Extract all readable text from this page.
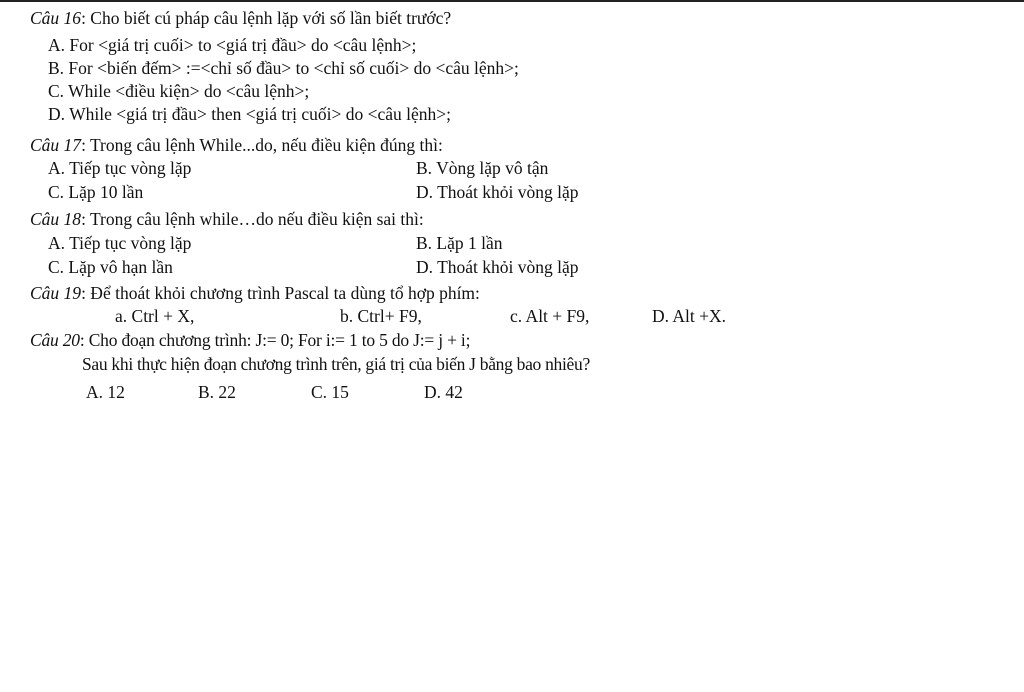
Câu 16: Cho biết cú pháp câu lệnh lặp với số lần biết trước?
A. For <giá trị cuối> to <giá trị đầu> do <câu lệnh>;
B. For <biến đếm> :=<chỉ số đầu> to <chỉ số cuối> do <câu lệnh>;
C. While <điều kiện> do <câu lệnh>;
D. While <giá trị đầu> then <giá trị cuối> do <câu lệnh>;
Câu 17: Trong câu lệnh While...do, nếu điều kiện đúng thì:
A. Tiếp tục vòng lặp	B. Vòng lặp vô tận
C. Lặp 10 lần	D. Thoát khỏi vòng lặp
Câu 18: Trong câu lệnh while…do nếu điều kiện sai thì:
A. Tiếp tục vòng lặp	B. Lặp 1 lần
C. Lặp vô hạn lần	D. Thoát khỏi vòng lặp
Câu 19: Để thoát khỏi chương trình Pascal ta dùng tổ hợp phím:
a. Ctrl + X,	b. Ctrl+ F9,	c. Alt + F9,	D. Alt +X.
Câu 20: Cho đoạn chương trình: J:= 0; For i:= 1 to 5 do J:= j + i;
Sau khi thực hiện đoạn chương trình trên, giá trị của biến J bằng bao nhiêu?
A. 12	B. 22	C. 15	D. 42
